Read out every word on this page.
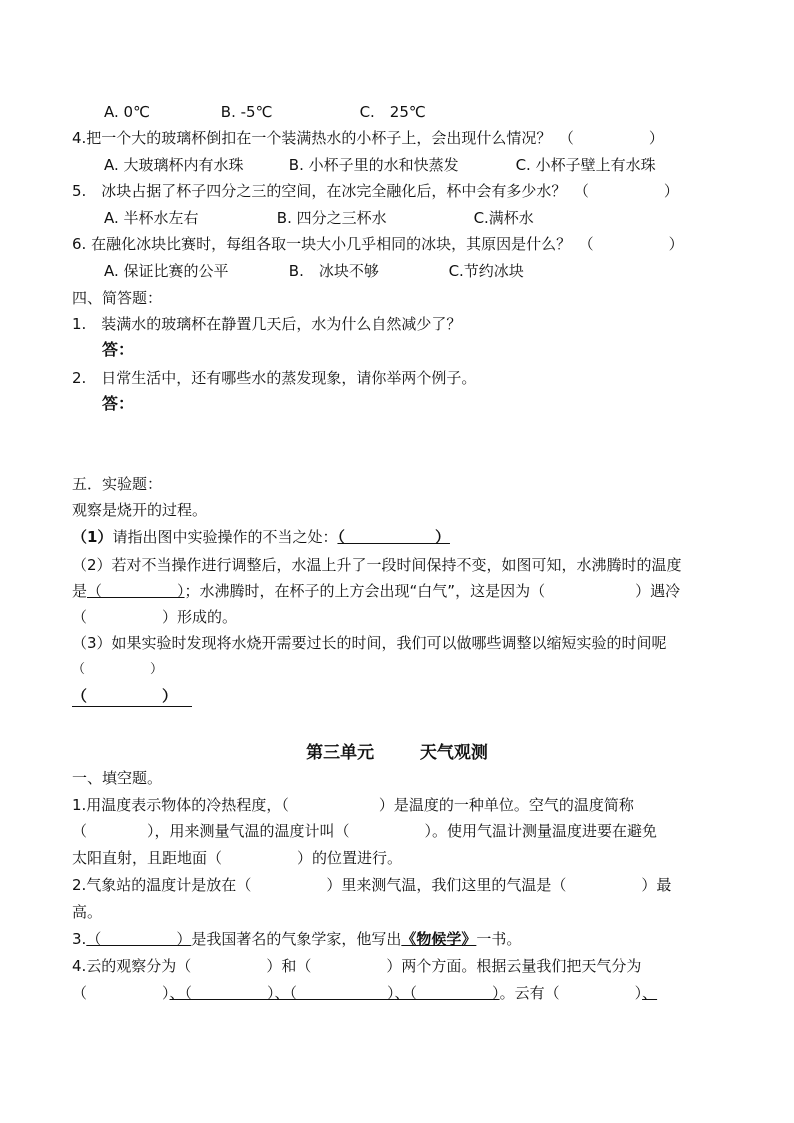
A. 0℃	B. -5℃	C.　25℃
4.把一个大的玻璃杯倒扣在一个装满热水的小杯子上，会出现什么情况？　（　　　　　）
A. 大玻璃杯内有水珠	B. 小杯子里的水和快蒸发	C. 小杯子壁上有水珠
5.　冰块占据了杯子四分之三的空间，在冰完全融化后，杯中会有多少水？　（　　　　　）
A. 半杯水左右	B. 四分之三杯水	C.满杯水
6. 在融化冰块比赛时，每组各取一块大小几乎相同的冰块，其原因是什么？　（　　　　　）
A. 保证比赛的公平	B.　冰块不够	C.节约冰块
四、简答题：
1.　装满水的玻璃杯在静置几天后，水为什么自然减少了？
答：
2.　日常生活中，还有哪些水的蒸发现象，请你举两个例子。
答：
五．实验题：
观察是烧开的过程。
（1）请指出图中实验操作的不当之处：（　　　　　　）
（2）若对不当操作进行调整后，水温上升了一段时间保持不变，如图可知，水沸腾时的温度
是（　　　　　）；水沸腾时，在杯子的上方会出现“白气”，这是因为（　　　　　　）遇冷
（　　　　　）形成的。
（3）如果实验时发现将水烧开需要过长的时间，我们可以做哪些调整以缩短实验的时间呢
（　　　　　）
（　　　　　）
第三单元	天气观测
一、填空题。
1.用温度表示物体的冷热程度，（　　　　　　）是温度的一种单位。空气的温度简称
（　　　　），用来测量气温的温度计叫（　　　　　）。使用气温计测量温度进要在避免
太阳直射，且距地面（　　　　　）的位置进行。
2.气象站的温度计是放在（　　　　　）里来测气温，我们这里的气温是（　　　　　）最
高。
3.（　　　　　）是我国著名的气象学家，他写出《物候学》一书。
4.云的观察分为（　　　　　）和（　　　　　）两个方面。根据云量我们把天气分为
（　　　　　）、（　　　　　）、（　　　　　　）、（　　　　　）。云有（　　　　　）、
